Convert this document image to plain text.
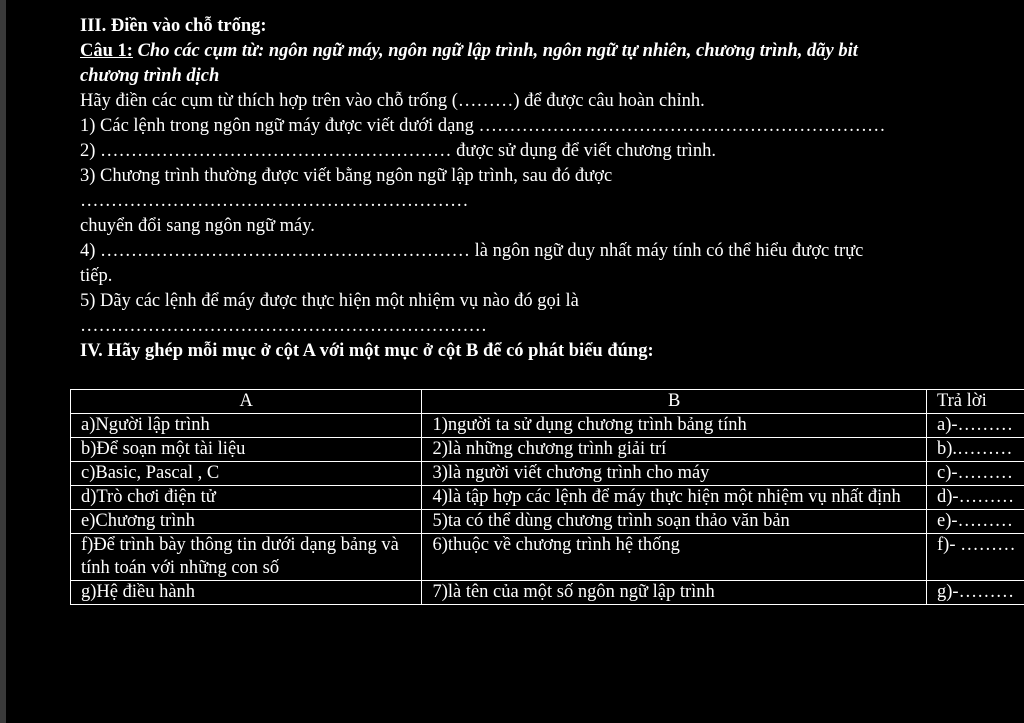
III. Điền vào chỗ trống:
Câu 1: Cho các cụm từ: ngôn ngữ máy, ngôn ngữ lập trình, ngôn ngữ tự nhiên, chương trình, dãy bit
chương trình dịch
Hãy điền các cụm từ thích hợp trên vào chỗ trống (………) để được câu hoàn chỉnh.
1) Các lệnh trong ngôn ngữ máy được viết dưới dạng …………………………………………………………
2) ………………………………………………… được sử dụng để viết chương trình.
3) Chương trình thường được viết bằng ngôn ngữ lập trình, sau đó được
………………………………………………………
chuyển đổi sang ngôn ngữ máy.
4) …………………………………………………… là ngôn ngữ duy nhất máy tính có thể hiểu được trực
tiếp.
5) Dãy các lệnh để máy được thực hiện một nhiệm vụ nào đó gọi là
…………………………………………………………
IV. Hãy ghép mỗi mục ở cột A với một mục ở cột B để có phát biểu đúng:
A	B	Trả lời
a)Người lập trình	1)người ta sử dụng chương trình bảng tính	a)-………
b)Để soạn một tài liệu	2)là những chương trình giải trí	b).………
c)Basic, Pascal , C	3)là người viết chương trình cho máy	c)-………
d)Trò chơi điện tử	4)là tập hợp các lệnh để máy thực hiện một nhiệm vụ nhất định	d)-………
e)Chương trình	5)ta có thể dùng chương trình soạn thảo văn bản	e)-………
f)Để trình bày thông tin dưới dạng bảng và tính toán với những con số	6)thuộc về chương trình hệ thống	f)- ………
g)Hệ điều hành	7)là tên của một số ngôn ngữ lập trình	g)-………
